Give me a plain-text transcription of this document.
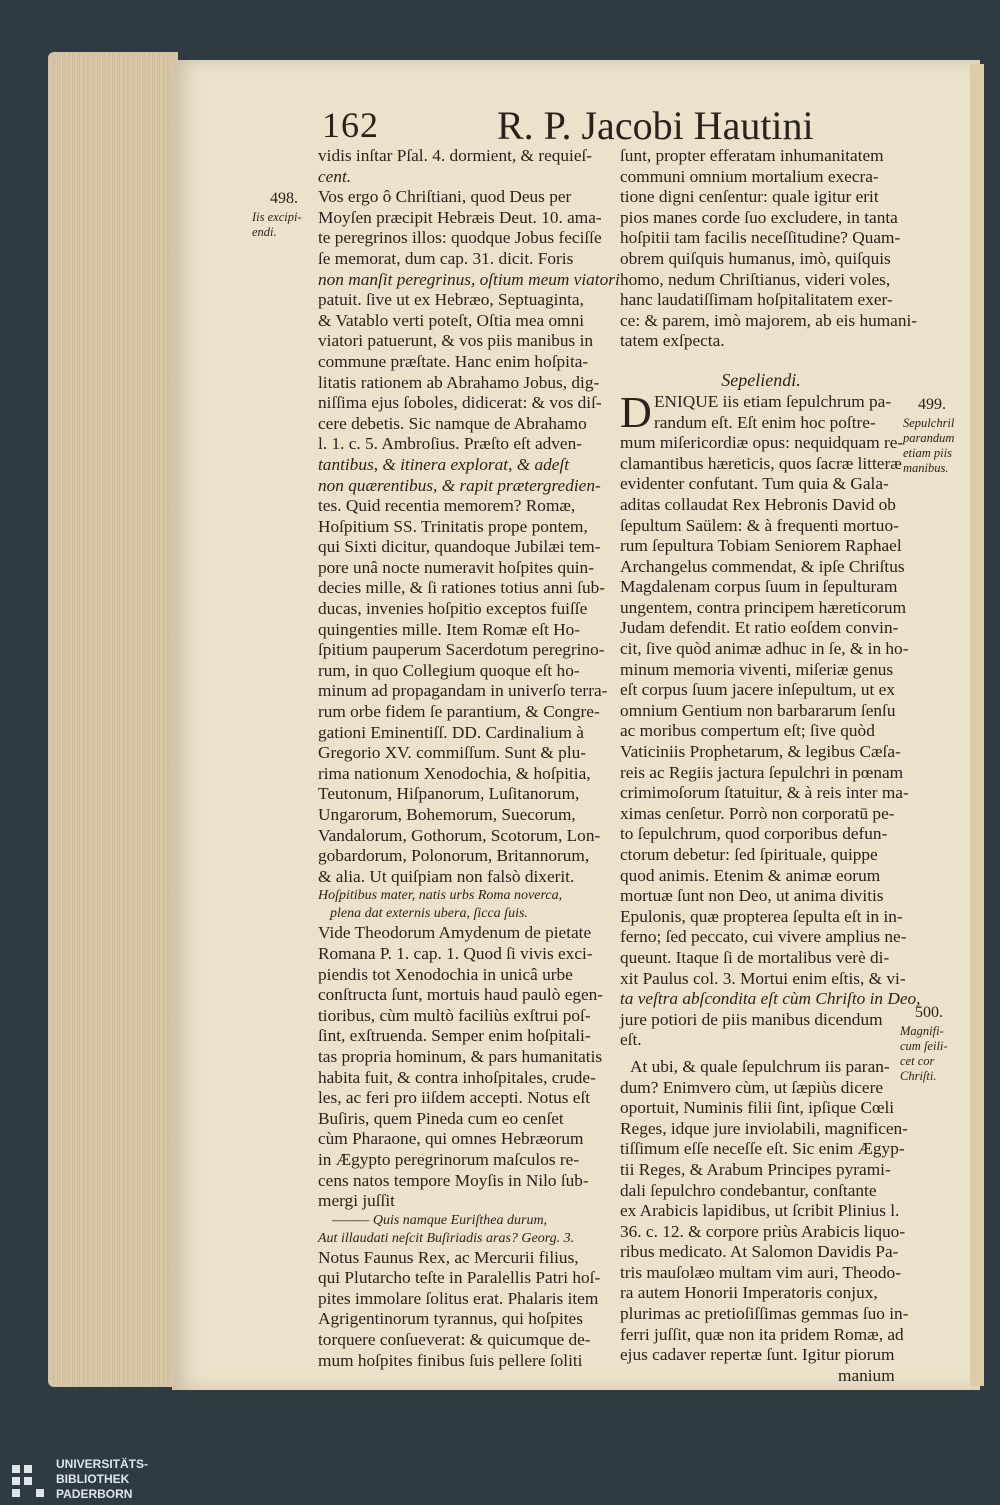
162	R. P. Jacobi Hautini
vidis inſtar Pſal. 4. dormient, & requieſ-
cent.
Vos ergo ô Chriſtiani, quod Deus per
Moyſen præcipit Hebræis Deut. 10. ama-
te peregrinos illos: quodque Jobus feciſſe
ſe memorat, dum cap. 31. dicit. Foris
non manſit peregrinus, oſtium meum viatori
patuit. ſive ut ex Hebræo, Septuaginta,
& Vatablo verti poteſt, Oſtia mea omni
viatori patuerunt, & vos piis manibus in
commune præſtate. Hanc enim hoſpita-
litatis rationem ab Abrahamo Jobus, dig-
niſſima ejus ſoboles, didicerat: & vos diſ-
cere debetis. Sic namque de Abrahamo
l. 1. c. 5. Ambroſius. Præſto eſt adven-
tantibus, & itinera explorat, & adeſt
non quærentibus, & rapit prætergredien-
tes. Quid recentia memorem? Romæ,
Hoſpitium SS. Trinitatis prope pontem,
qui Sixti dicitur, quandoque Jubilæi tem-
pore unâ nocte numeravit hoſpites quin-
decies mille, & ſi rationes totius anni ſub-
ducas, invenies hoſpitio exceptos fuiſſe
quingenties mille. Item Romæ eſt Ho-
ſpitium pauperum Sacerdotum peregrino-
rum, in quo Collegium quoque eſt ho-
minum ad propagandam in univerſo terra-
rum orbe fidem ſe parantium, & Congre-
gationi Eminentiſſ. DD. Cardinalium à
Gregorio XV. commiſſum. Sunt & plu-
rima nationum Xenodochia, & hoſpitia,
Teutonum, Hiſpanorum, Luſitanorum,
Ungarorum, Bohemorum, Suecorum,
Vandalorum, Gothorum, Scotorum, Lon-
gobardorum, Polonorum, Britannorum,
& alia. Ut quiſpiam non falsò dixerit.
Hoſpitibus mater, natis urbs Roma noverca,
plena dat externis ubera, ſicca ſuis.
Vide Theodorum Amydenum de pietate
Romana P. 1. cap. 1. Quod ſi vivis exci-
piendis tot Xenodochia in unicâ urbe
conſtructa ſunt, mortuis haud paulò egen-
tioribus, cùm multò faciliùs exſtrui poſ-
ſint, exſtruenda. Semper enim hoſpitali-
tas propria hominum, & pars humanitatis
habita fuit, & contra inhoſpitales, crude-
les, ac feri pro iiſdem accepti. Notus eſt
Buſiris, quem Pineda cum eo cenſet
cùm Pharaone, qui omnes Hebræorum
in Ægypto peregrinorum maſculos re-
cens natos tempore Moyſis in Nilo ſub-
mergi juſſit
——— Quis namque Euriſthea durum,
Aut illaudati neſcit Buſiriadis aras? Georg. 3.
Notus Faunus Rex, ac Mercurii filius,
qui Plutarcho teſte in Paralellis Patri hoſ-
pites immolare ſolitus erat. Phalaris item
Agrigentinorum tyrannus, qui hoſpites
torquere conſueverat: & quicumque de-
mum hoſpites finibus ſuis pellere ſoliti
ſunt, propter efferatam inhumanitatem
communi omnium mortalium execra-
tione digni cenſentur: quale igitur erit
pios manes corde ſuo excludere, in tanta
hoſpitii tam facilis neceſſitudine? Quam-
obrem quiſquis humanus, imò, quiſquis
homo, nedum Chriſtianus, videri voles,
hanc laudatiſſimam hoſpitalitatem exer-
ce: & parem, imò majorem, ab eis humani-
tatem exſpecta.
Sepeliendi.
D ENIQUE iis etiam ſepulchrum pa-
randum eſt. Eſt enim hoc poſtre-
mum miſericordiæ opus: nequidquam re-
clamantibus hæreticis, quos ſacræ litteræ
evidenter confutant. Tum quia & Gala-
aditas collaudat Rex Hebronis David ob
ſepultum Saülem: & à frequenti mortuo-
rum ſepultura Tobiam Seniorem Raphael
Archangelus commendat, & ipſe Chriſtus
Magdalenam corpus ſuum in ſepulturam
ungentem, contra principem hæreticorum
Judam defendit. Et ratio eoſdem convin-
cit, ſive quòd animæ adhuc in ſe, & in ho-
minum memoria viventi, miſeriæ genus
eſt corpus ſuum jacere inſepultum, ut ex
omnium Gentium non barbararum ſenſu
ac moribus compertum eſt; ſive quòd
Vaticiniis Prophetarum, & legibus Cæſa-
reis ac Regiis jactura ſepulchri in pœnam
crimimoſorum ſtatuitur, & à reis inter ma-
ximas cenſetur. Porrò non corporatū pe-
to ſepulchrum, quod corporibus defun-
ctorum debetur: ſed ſpirituale, quippe
quod animis. Etenim & animæ eorum
mortuæ ſunt non Deo, ut anima divitis
Epulonis, quæ propterea ſepulta eſt in in-
ferno; ſed peccato, cui vivere amplius ne-
queunt. Itaque ſi de mortalibus verè di-
xit Paulus col. 3. Mortui enim eſtis, & vi-
ta veſtra abſcondita eſt cùm Chriſto in Deo,
jure potiori de piis manibus dicendum
eſt.
At ubi, & quale ſepulchrum iis paran-
dum? Enimvero cùm, ut ſæpiùs dicere
oportuit, Numinis filii ſint, ipſique Cœli
Reges, idque jure inviolabili, magnificen-
tiſſimum eſſe neceſſe eſt. Sic enim Ægyp-
tii Reges, & Arabum Principes pyrami-
dali ſepulchro condebantur, conſtante
ex Arabicis lapidibus, ut ſcribit Plinius l.
36. c. 12. & corpore priùs Arabicis liquo-
ribus medicato. At Salomon Davidis Pa-
tris mauſolæo multam vim auri, Theodo-
ra autem Honorii Imperatoris conjux,
plurimas ac pretioſiſſimas gemmas ſuo in-
ferri juſſit, quæ non ita pridem Romæ, ad
ejus cadaver repertæ ſunt. Igitur piorum
manium
498.
Iis excipi-
endi.
499.
Sepulchril
parandum
etiam piis
manibus.
500.
Magnifi-
cum ſeili-
cet cor
Chriſti.
UNIVERSITÄTS-
BIBLIOTHEK
PADERBORN
